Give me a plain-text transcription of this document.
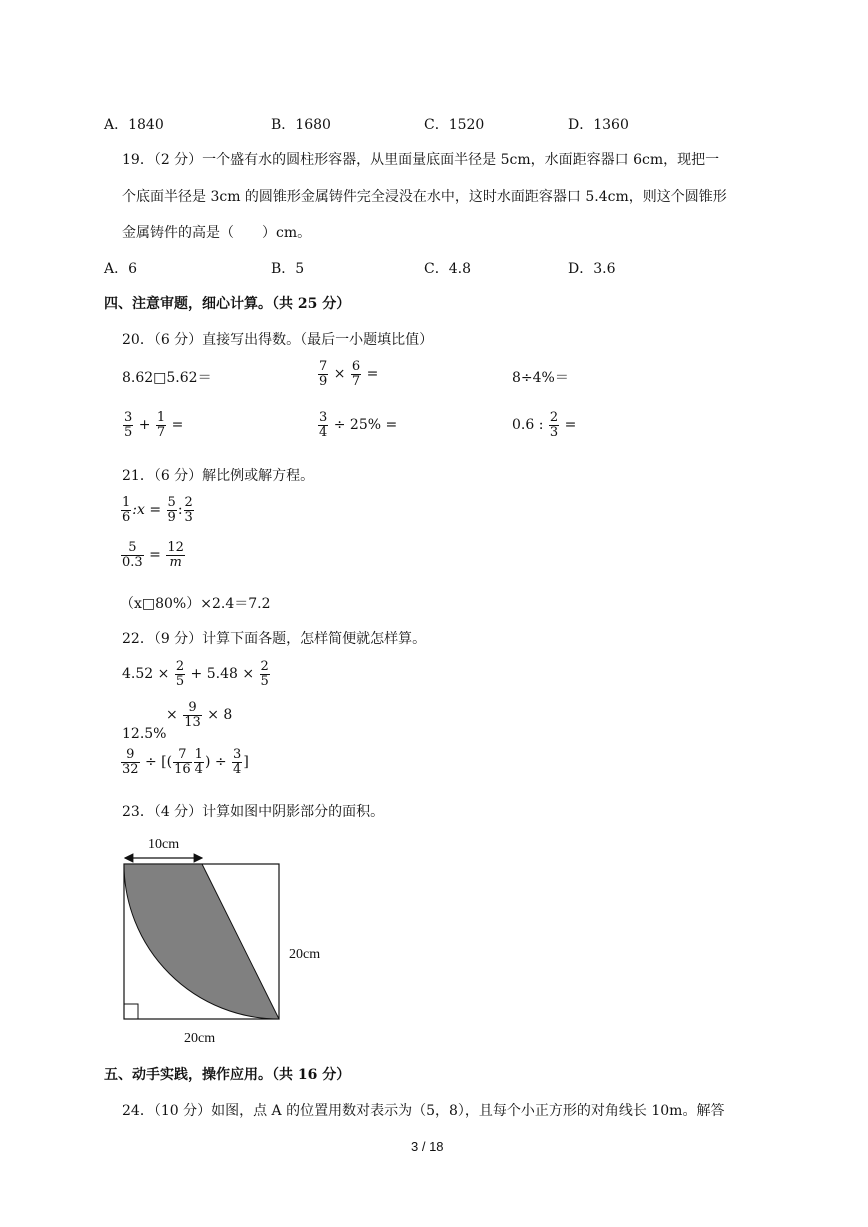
A．1840	B．1680	C．1520	D．1360
19．（2 分）一个盛有水的圆柱形容器，从里面量底面半径是 5cm，水面距容器口 6cm，现把一
个底面半径是 3cm 的圆锥形金属铸件完全浸没在水中，这时水面距容器口 5.4cm，则这个圆锥形
金属铸件的高是（　　）cm。
A．6	B．5	C．4.8	D．3.6
四、注意审题，细心计算。（共 25 分）
20．（6 分）直接写出得数。（最后一小题填比值）
8.62□5.62＝	$\frac{7}{9} \times \frac{6}{7}$ =	8÷4%＝
$\frac{3}{5} + \frac{1}{7}$ =	$\frac{3}{4} \div 25\%$ =	0.6 : $\frac{2}{3}$ =
21．（6 分）解比例或解方程。
$\frac{1}{6}$ :x = $\frac{5}{9}$ : $\frac{2}{3}$
$\frac{5}{0.3} = \frac{12}{m}$
（x□80%）×2.4＝7.2
22．（9 分）计算下面各题，怎样简便就怎样算。
$4.52 \times \frac{2}{5} + 5.48 \times \frac{2}{5}$
12.5%
× $\frac{9}{13} \times 8$
$\frac{9}{32}$ ÷ [( $\frac{7}{16} \frac{1}{4}$ ) ÷ $\frac{3}{4}$ ]
23．（4 分）计算如图中阴影部分的面积。
10cm
20cm
20cm
五、动手实践，操作应用。（共 16 分）
24．（10 分）如图，点 A 的位置用数对表示为（5，8），且每个小正方形的对角线长 10m。解答
3 / 18
